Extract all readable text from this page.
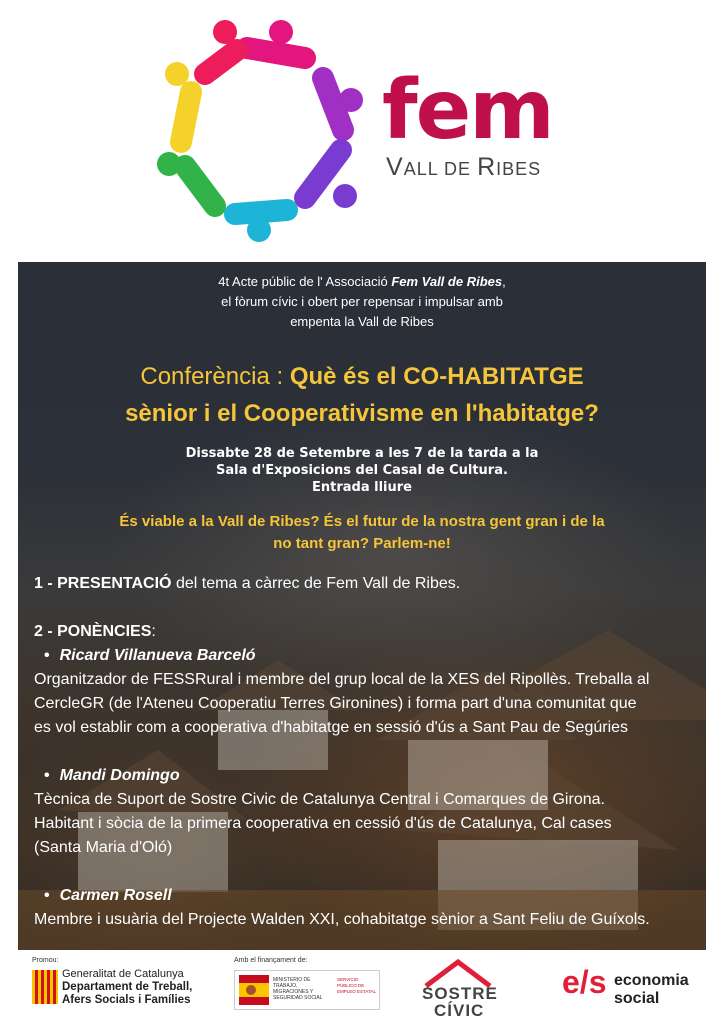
fem
VALL DE RIBES
4t Acte públic de l' Associació Fem Vall de Ribes,
el fòrum cívic i obert per repensar i impulsar amb
empenta la Vall de Ribes
Conferència : Què és el CO-HABITATGE
sènior i el Cooperativisme en l'habitatge?
Dissabte 28 de Setembre a les 7 de la tarda a la
Sala d'Exposicions del Casal de Cultura.
Entrada lliure
És viable a la Vall de Ribes? És el futur de la nostra gent gran i de la
no tant gran? Parlem-ne!

1 - PRESENTACIÓ del tema a càrrec de Fem Vall de Ribes.

2 - PONÈNCIES:

• Ricard Villanueva Barceló

Organitzador de FESSRural i membre del grup local de la XES del Ripollès. Treballa al

CercleGR (de l'Ateneu Cooperatiu Terres Gironines) i forma part d'una comunitat que

es vol establir com a cooperativa d'habitatge en sessió d'ús a Sant Pau de Segúries

• Mandi Domingo

Tècnica de Suport de Sostre Civic de Catalunya Central i Comarques de Girona.

Habitant i sòcia de la primera cooperativa en cessió d'ús de Catalunya, Cal cases

(Santa Maria d'Oló)

• Carmen Rosell

Membre i usuària del Projecte Walden XXI, cohabitatge sènior a Sant Feliu de Guíxols.

Promou:
Generalitat de Catalunya
Departament de Treball,
Afers Socials i Famílies
Amb el finançament de:
MINISTERIO DE TRABAJO, MIGRACIONES Y SEGURIDAD SOCIAL
SERVICIO PÚBLICO DE EMPLEO ESTATAL	SOSTRE
CÍVIC
e/s economia
social
